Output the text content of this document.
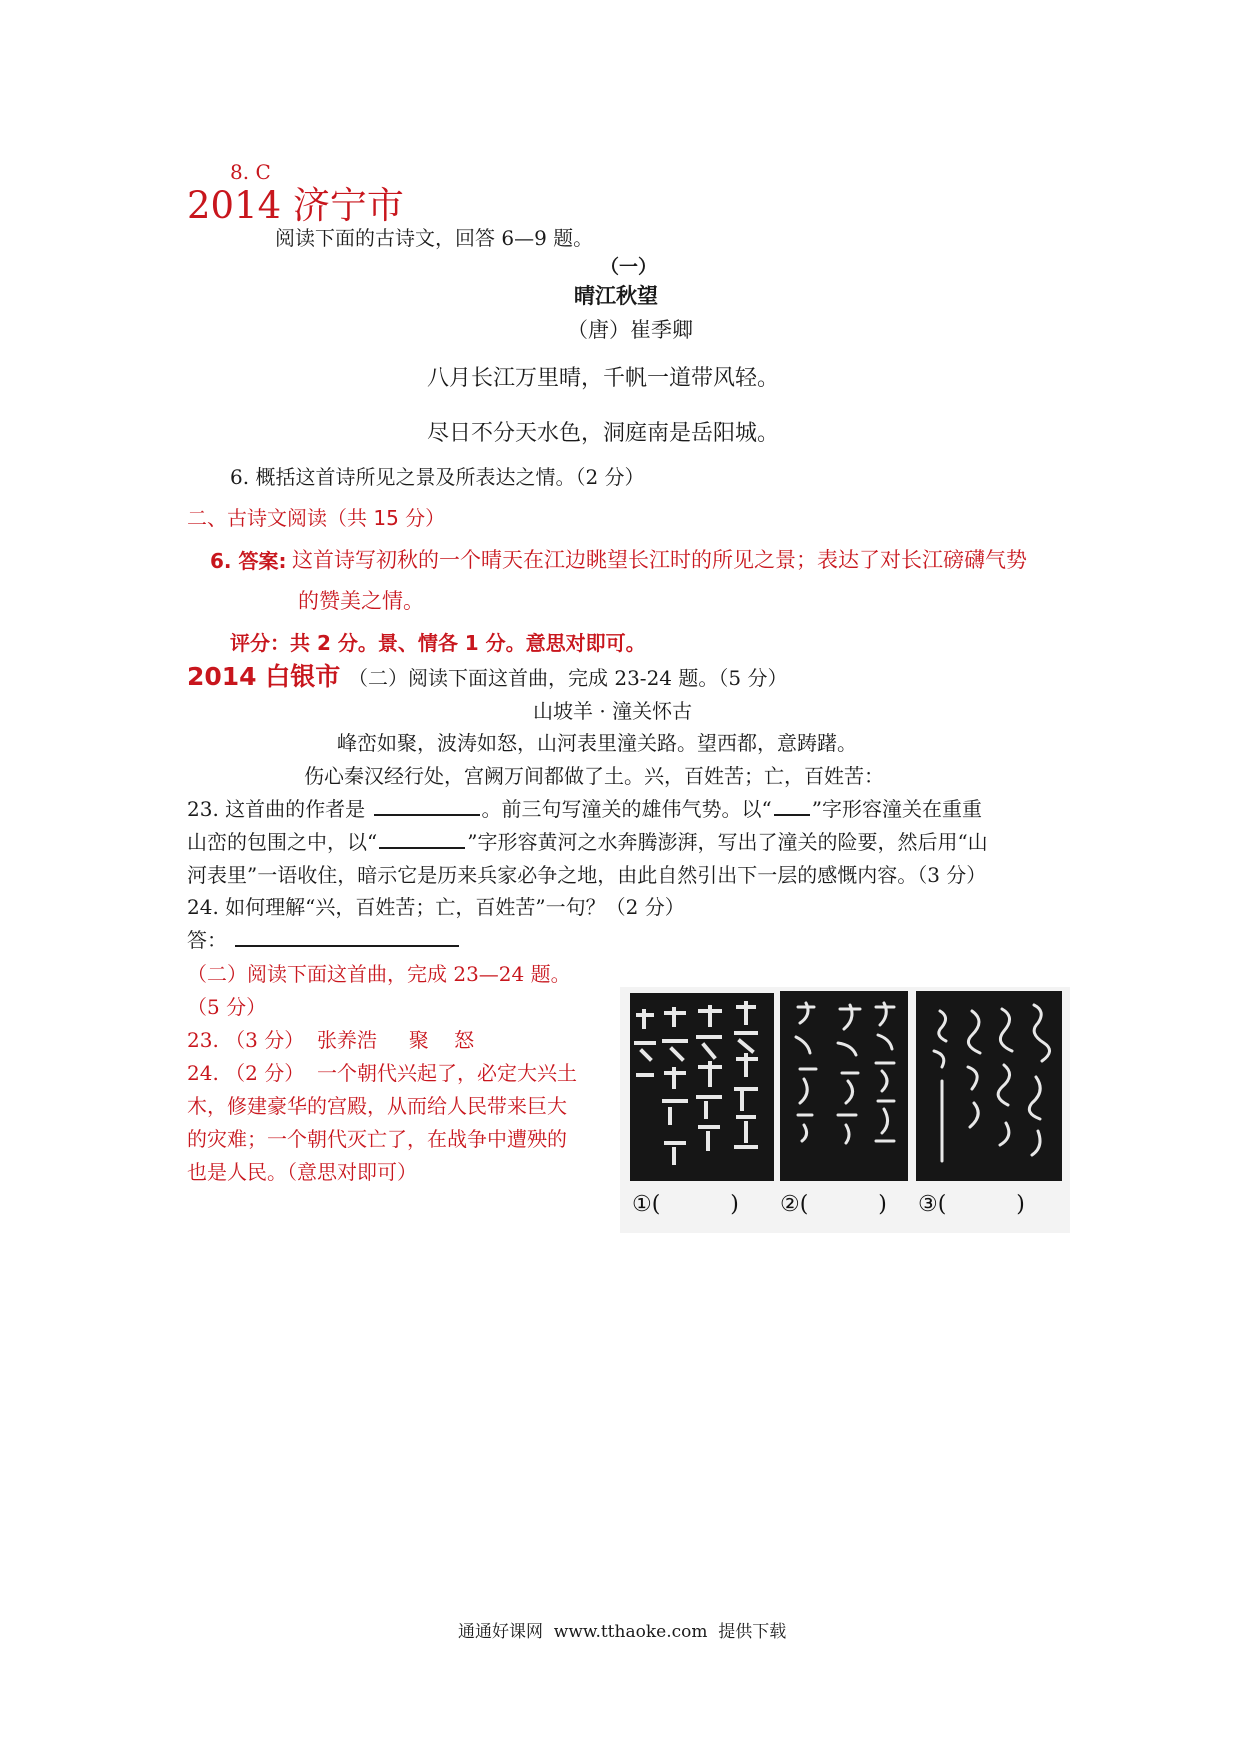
8. C
2014 济宁市
阅读下面的古诗文，回答 6—9 题。
（一）
晴江秋望
（唐）崔季卿
八月长江万里晴，千帆一道带风轻。
尽日不分天水色，洞庭南是岳阳城。
6. 概括这首诗所见之景及所表达之情。（2 分）
二、古诗文阅读（共 15 分）
6. 答案: 这首诗写初秋的一个晴天在江边眺望长江时的所见之景；表达了对长江磅礴气势
的赞美之情。
评分：共 2 分。景、情各 1 分。意思对即可。
2014 白银市 （二）阅读下面这首曲，完成 23-24 题。（5 分）
山坡羊 · 潼关怀古
峰峦如聚，波涛如怒，山河表里潼关路。望西都，意踌躇。
伤心秦汉经行处，宫阙万间都做了土。兴，百姓苦；亡，百姓苦：
23. 这首曲的作者是	。前三句写潼关的雄伟气势。以“ ”字形容潼关在重重
山峦的包围之中，以“	”字形容黄河之水奔腾澎湃，写出了潼关的险要，然后用“山
河表里”一语收住，暗示它是历来兵家必争之地，由此自然引出下一层的感慨内容。（3 分）
24. 如何理解“兴，百姓苦；亡，百姓苦”一句？（2 分）
答：
（二）阅读下面这首曲，完成 23—24 题。
（5 分）
23. （3 分）  张养浩     聚    怒
24. （2 分）  一个朝代兴起了，必定大兴土
木，修建豪华的宫殿，从而给人民带来巨大
的灾难；一个朝代灭亡了，在战争中遭殃的
也是人民。（意思对即可）
①(          ) ②(          ) ③(          )
通通好课网  www.tthaoke.com  提供下载
